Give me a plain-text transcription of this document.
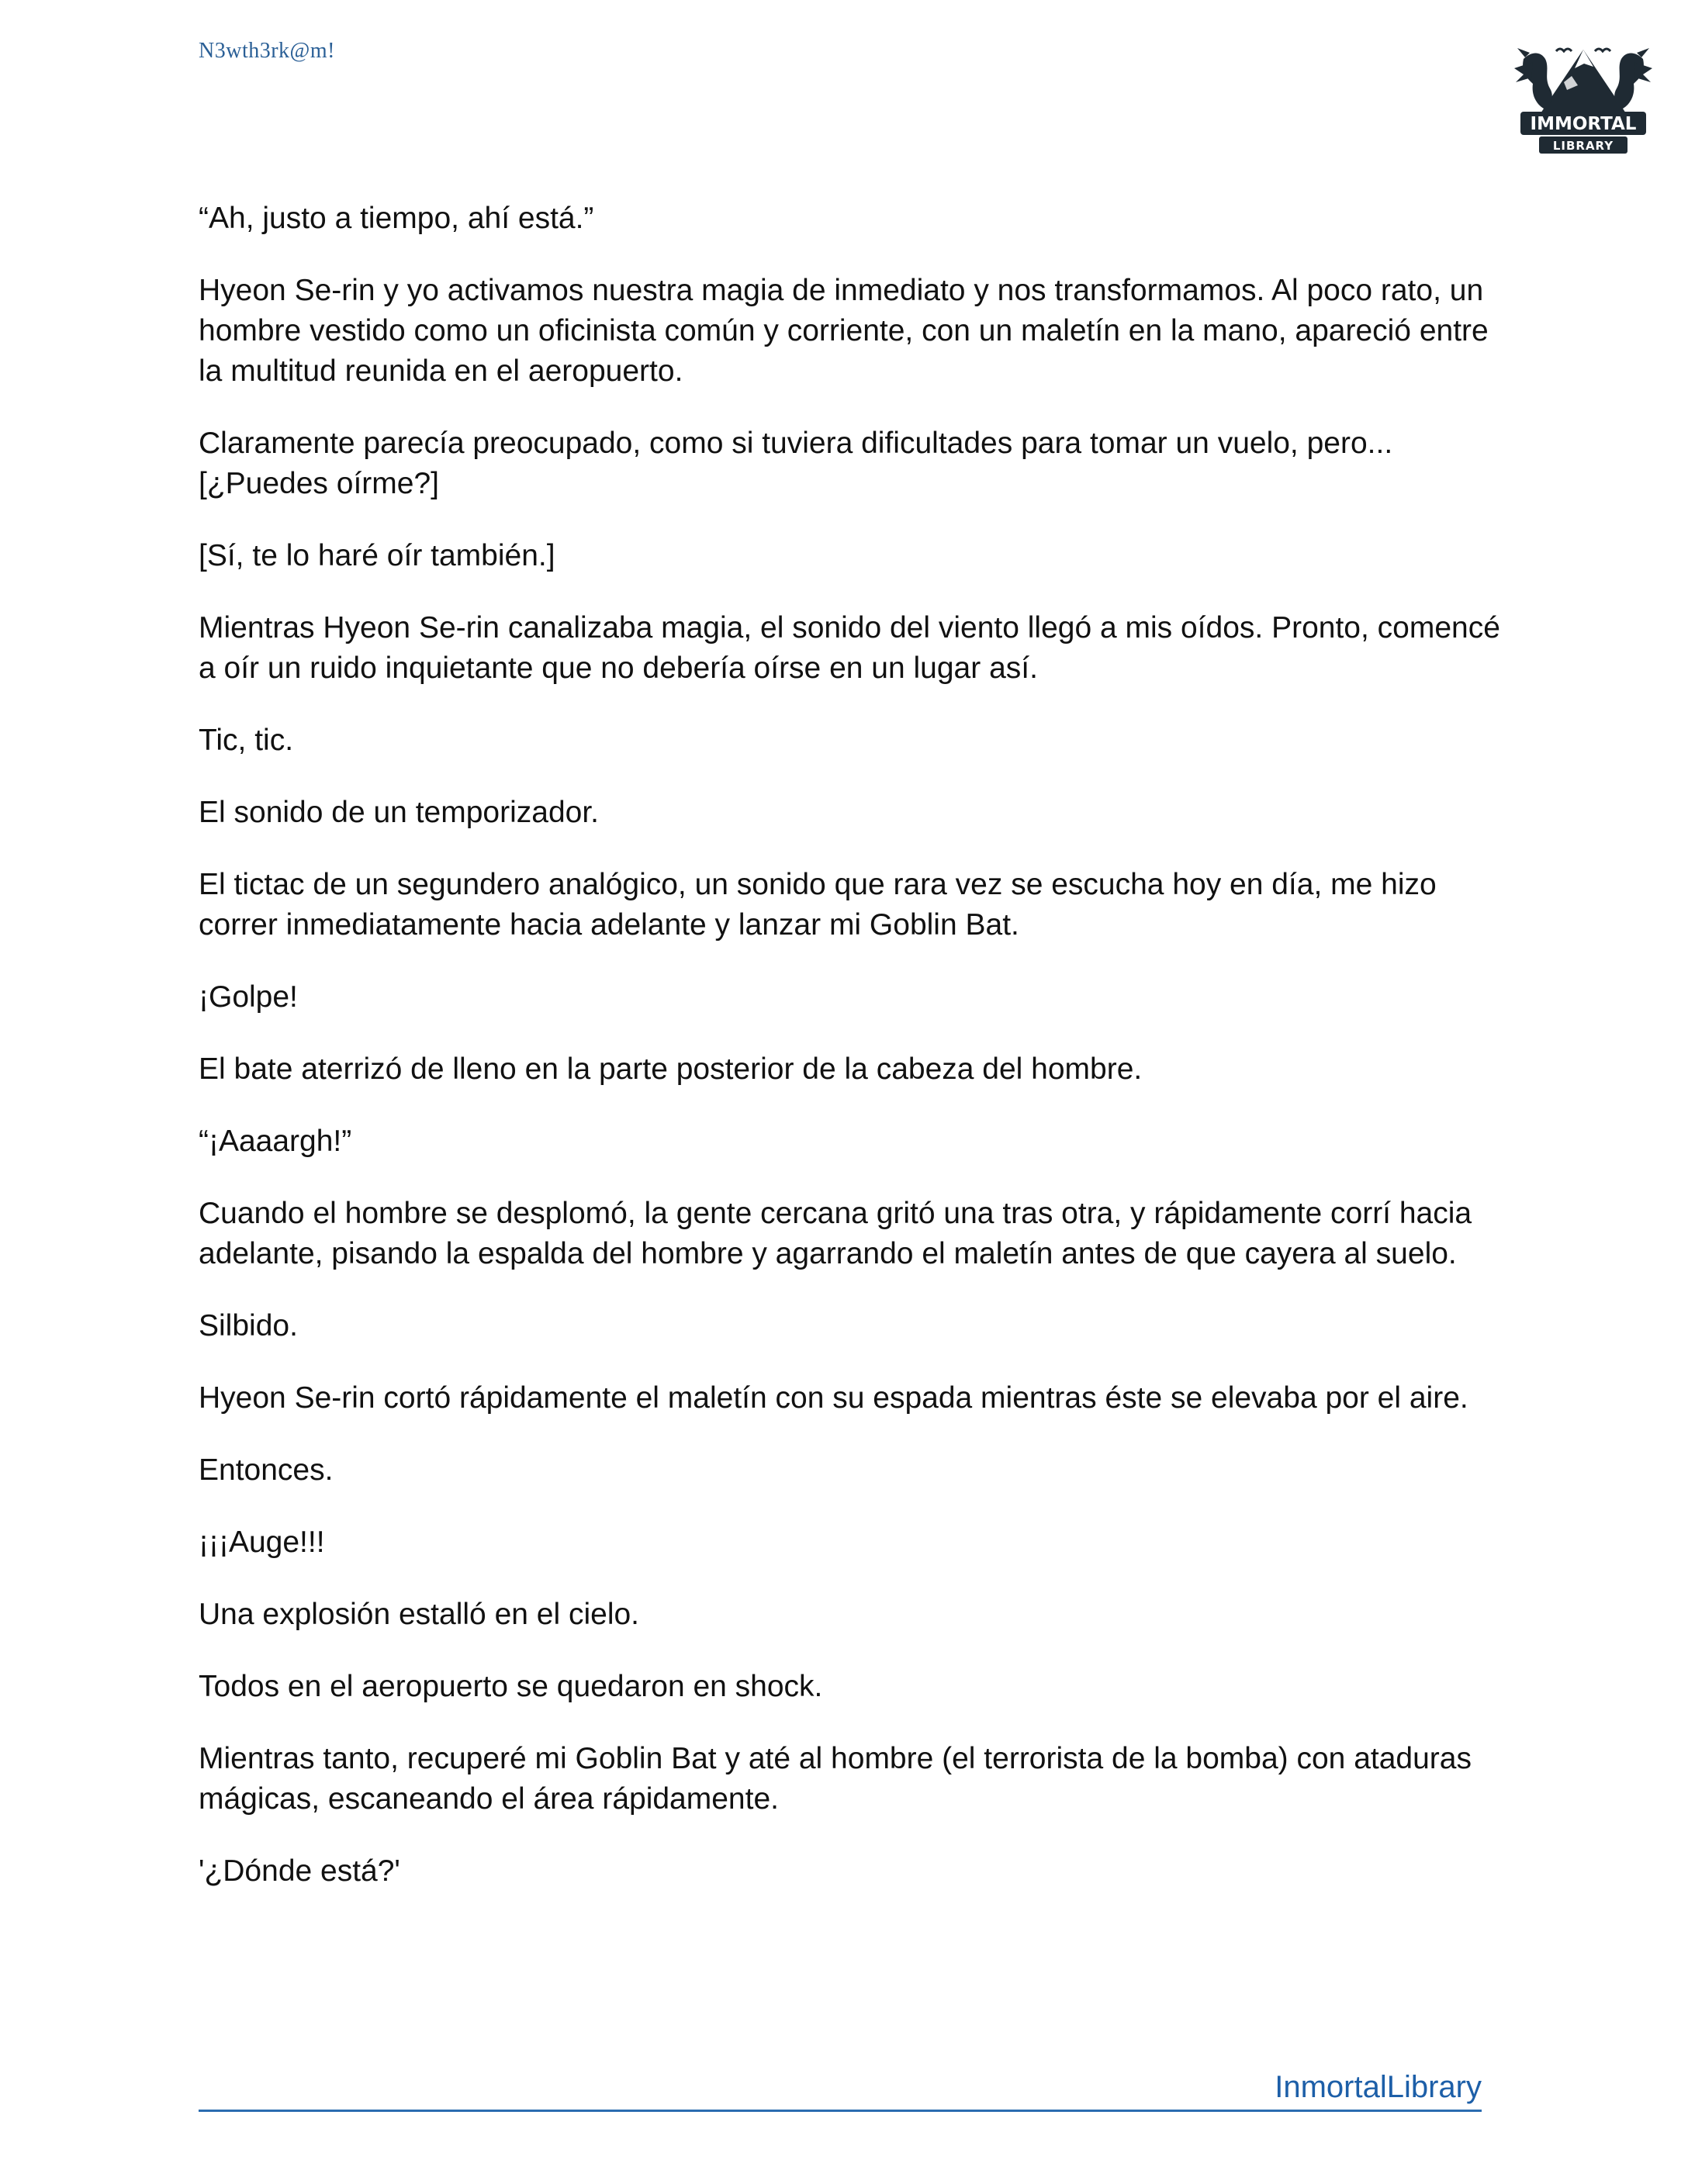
N3wth3rk@m!
IMMORTAL
LIBRARY

“Ah, justo a tiempo, ahí está.”

Hyeon Se-rin y yo activamos nuestra magia de inmediato y nos transformamos. Al poco rato, un hombre vestido como un oficinista común y corriente, con un maletín en la mano, apareció entre la multitud reunida en el aeropuerto.

Claramente parecía preocupado, como si tuviera dificultades para tomar un vuelo, pero... [¿Puedes oírme?]

[Sí, te lo haré oír también.]

Mientras Hyeon Se-rin canalizaba magia, el sonido del viento llegó a mis oídos. Pronto, comencé a oír un ruido inquietante que no debería oírse en un lugar así.

Tic, tic.

El sonido de un temporizador.

El tictac de un segundero analógico, un sonido que rara vez se escucha hoy en día, me hizo correr inmediatamente hacia adelante y lanzar mi Goblin Bat.

¡Golpe!

El bate aterrizó de lleno en la parte posterior de la cabeza del hombre.

“¡Aaaargh!”

Cuando el hombre se desplomó, la gente cercana gritó una tras otra, y rápidamente corrí hacia adelante, pisando la espalda del hombre y agarrando el maletín antes de que cayera al suelo.

Silbido.

Hyeon Se-rin cortó rápidamente el maletín con su espada mientras éste se elevaba por el aire.

Entonces.

¡¡¡Auge!!!

Una explosión estalló en el cielo.

Todos en el aeropuerto se quedaron en shock.

Mientras tanto, recuperé mi Goblin Bat y até al hombre (el terrorista de la bomba) con ataduras mágicas, escaneando el área rápidamente.

'¿Dónde está?'

InmortalLibrary
